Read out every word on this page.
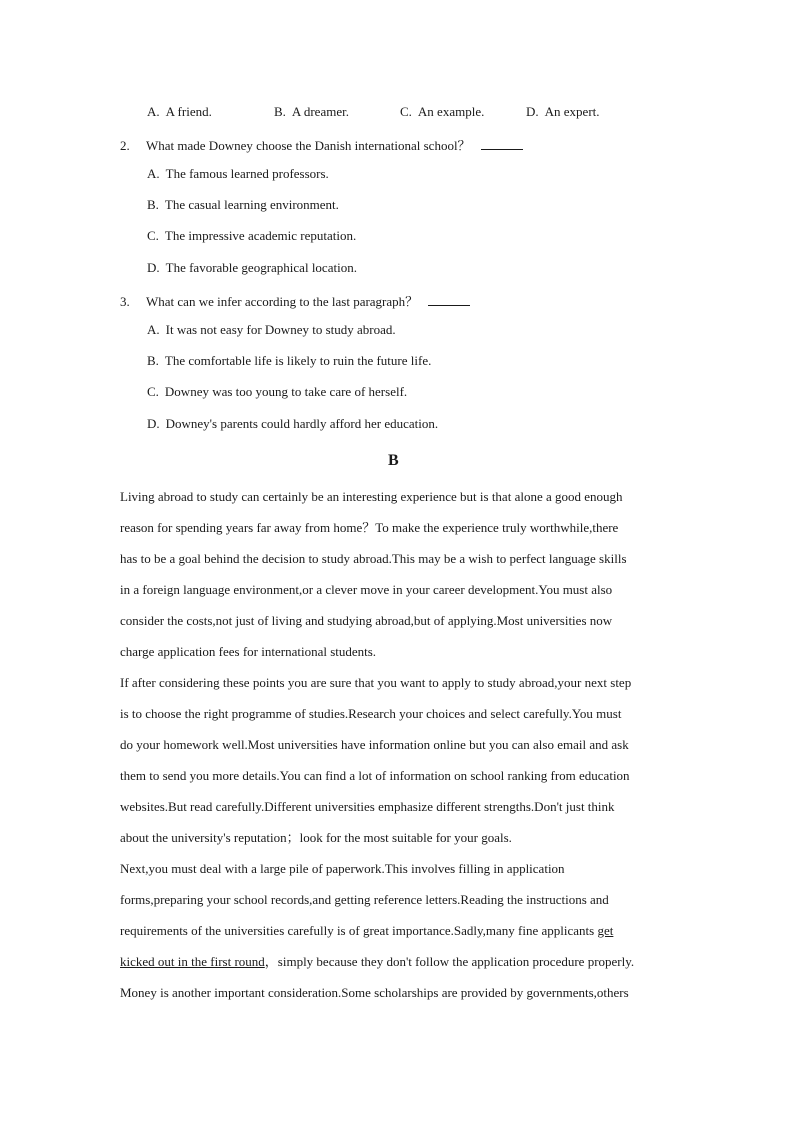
A. A friend.	B. A dreamer.	C. An example.	D. An expert.
2. What made Downey choose the Danish international school？
A. The famous learned professors.
B. The casual learning environment.
C. The impressive academic reputation.
D. The favorable geographical location.
3. What can we infer according to the last paragraph？
A. It was not easy for Downey to study abroad.
B. The comfortable life is likely to ruin the future life.
C. Downey was too young to take care of herself.
D. Downey's parents could hardly afford her education.
B
Living abroad to study can certainly be an interesting experience but is that alone a good enough
reason for spending years far away from home？To make the experience truly worthwhile,there
has to be a goal behind the decision to study abroad.This may be a wish to perfect language skills
in a foreign language environment,or a clever move in your career development.You must also
consider the costs,not just of living and studying abroad,but of applying.Most universities now
charge application fees for international students.
If after considering these points you are sure that you want to apply to study abroad,your next step
is to choose the right programme of studies.Research your choices and select carefully.You must
do your homework well.Most universities have information online but you can also email and ask
them to send you more details.You can find a lot of information on school ranking from education
websites.But read carefully.Different universities emphasize different strengths.Don't just think
about the university's reputation；look for the most suitable for your goals.
Next,you must deal with a large pile of paperwork.This involves filling in application
forms,preparing your school records,and getting reference letters.Reading the instructions and
requirements of the universities carefully is of great importance.Sadly,many fine applicants get
kicked out in the first round，simply because they don't follow the application procedure properly.
Money is another important consideration.Some scholarships are provided by governments,others
